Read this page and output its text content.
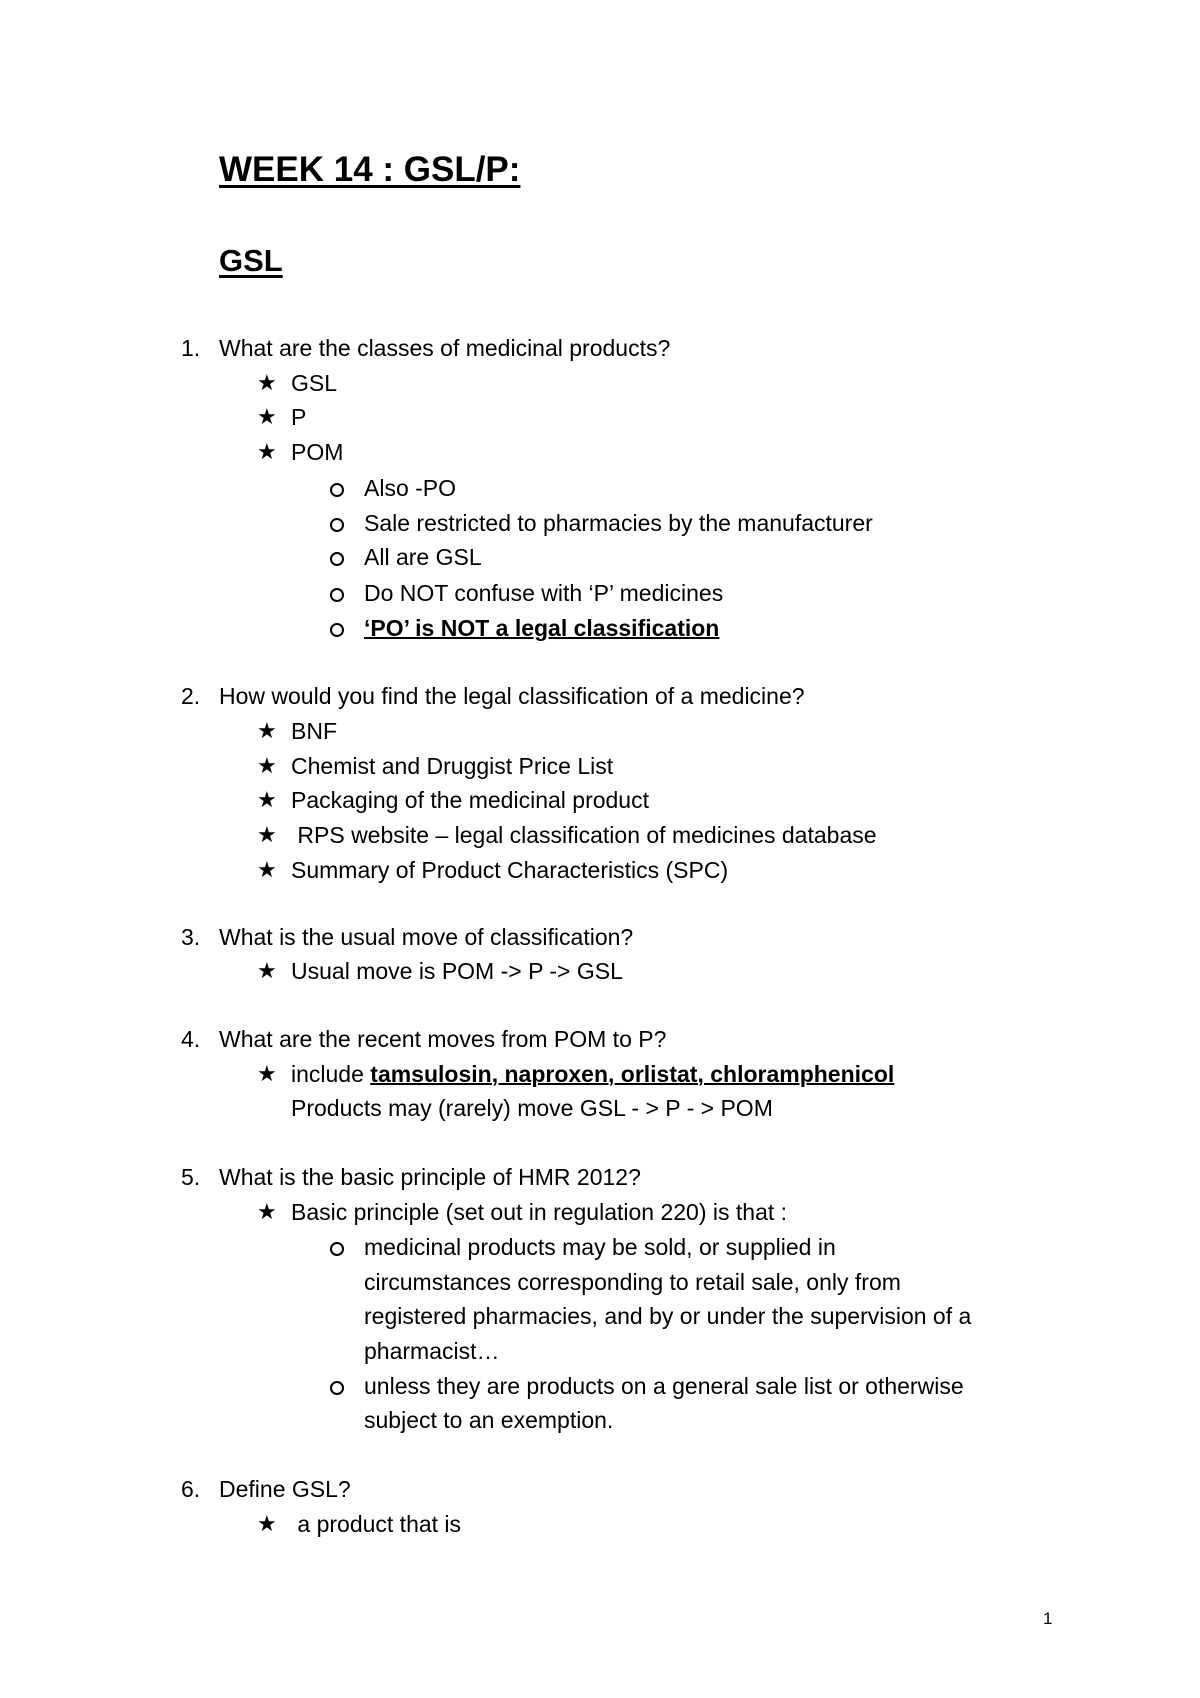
WEEK 14 : GSL/P:
GSL
1. What are the classes of medicinal products?
★ GSL
★ P
★ POM
Also -PO
Sale restricted to pharmacies by the manufacturer
All are GSL
Do NOT confuse with ‘P’ medicines
‘PO’ is NOT a legal classification
2. How would you find the legal classification of a medicine?
★ BNF
★ Chemist and Druggist Price List
★ Packaging of the medicinal product
★ RPS website – legal classification of medicines database
★ Summary of Product Characteristics (SPC)
3. What is the usual move of classification?
★ Usual move is POM -> P -> GSL
4. What are the recent moves from POM to P?
★ include tamsulosin, naproxen, orlistat, chloramphenicol
Products may (rarely) move GSL - > P - > POM
5. What is the basic principle of HMR 2012?
★ Basic principle (set out in regulation 220) is that :
medicinal products may be sold, or supplied in
circumstances corresponding to retail sale, only from
registered pharmacies, and by or under the supervision of a
pharmacist…
unless they are products on a general sale list or otherwise
subject to an exemption.
6. Define GSL?
★ a product that is
1
